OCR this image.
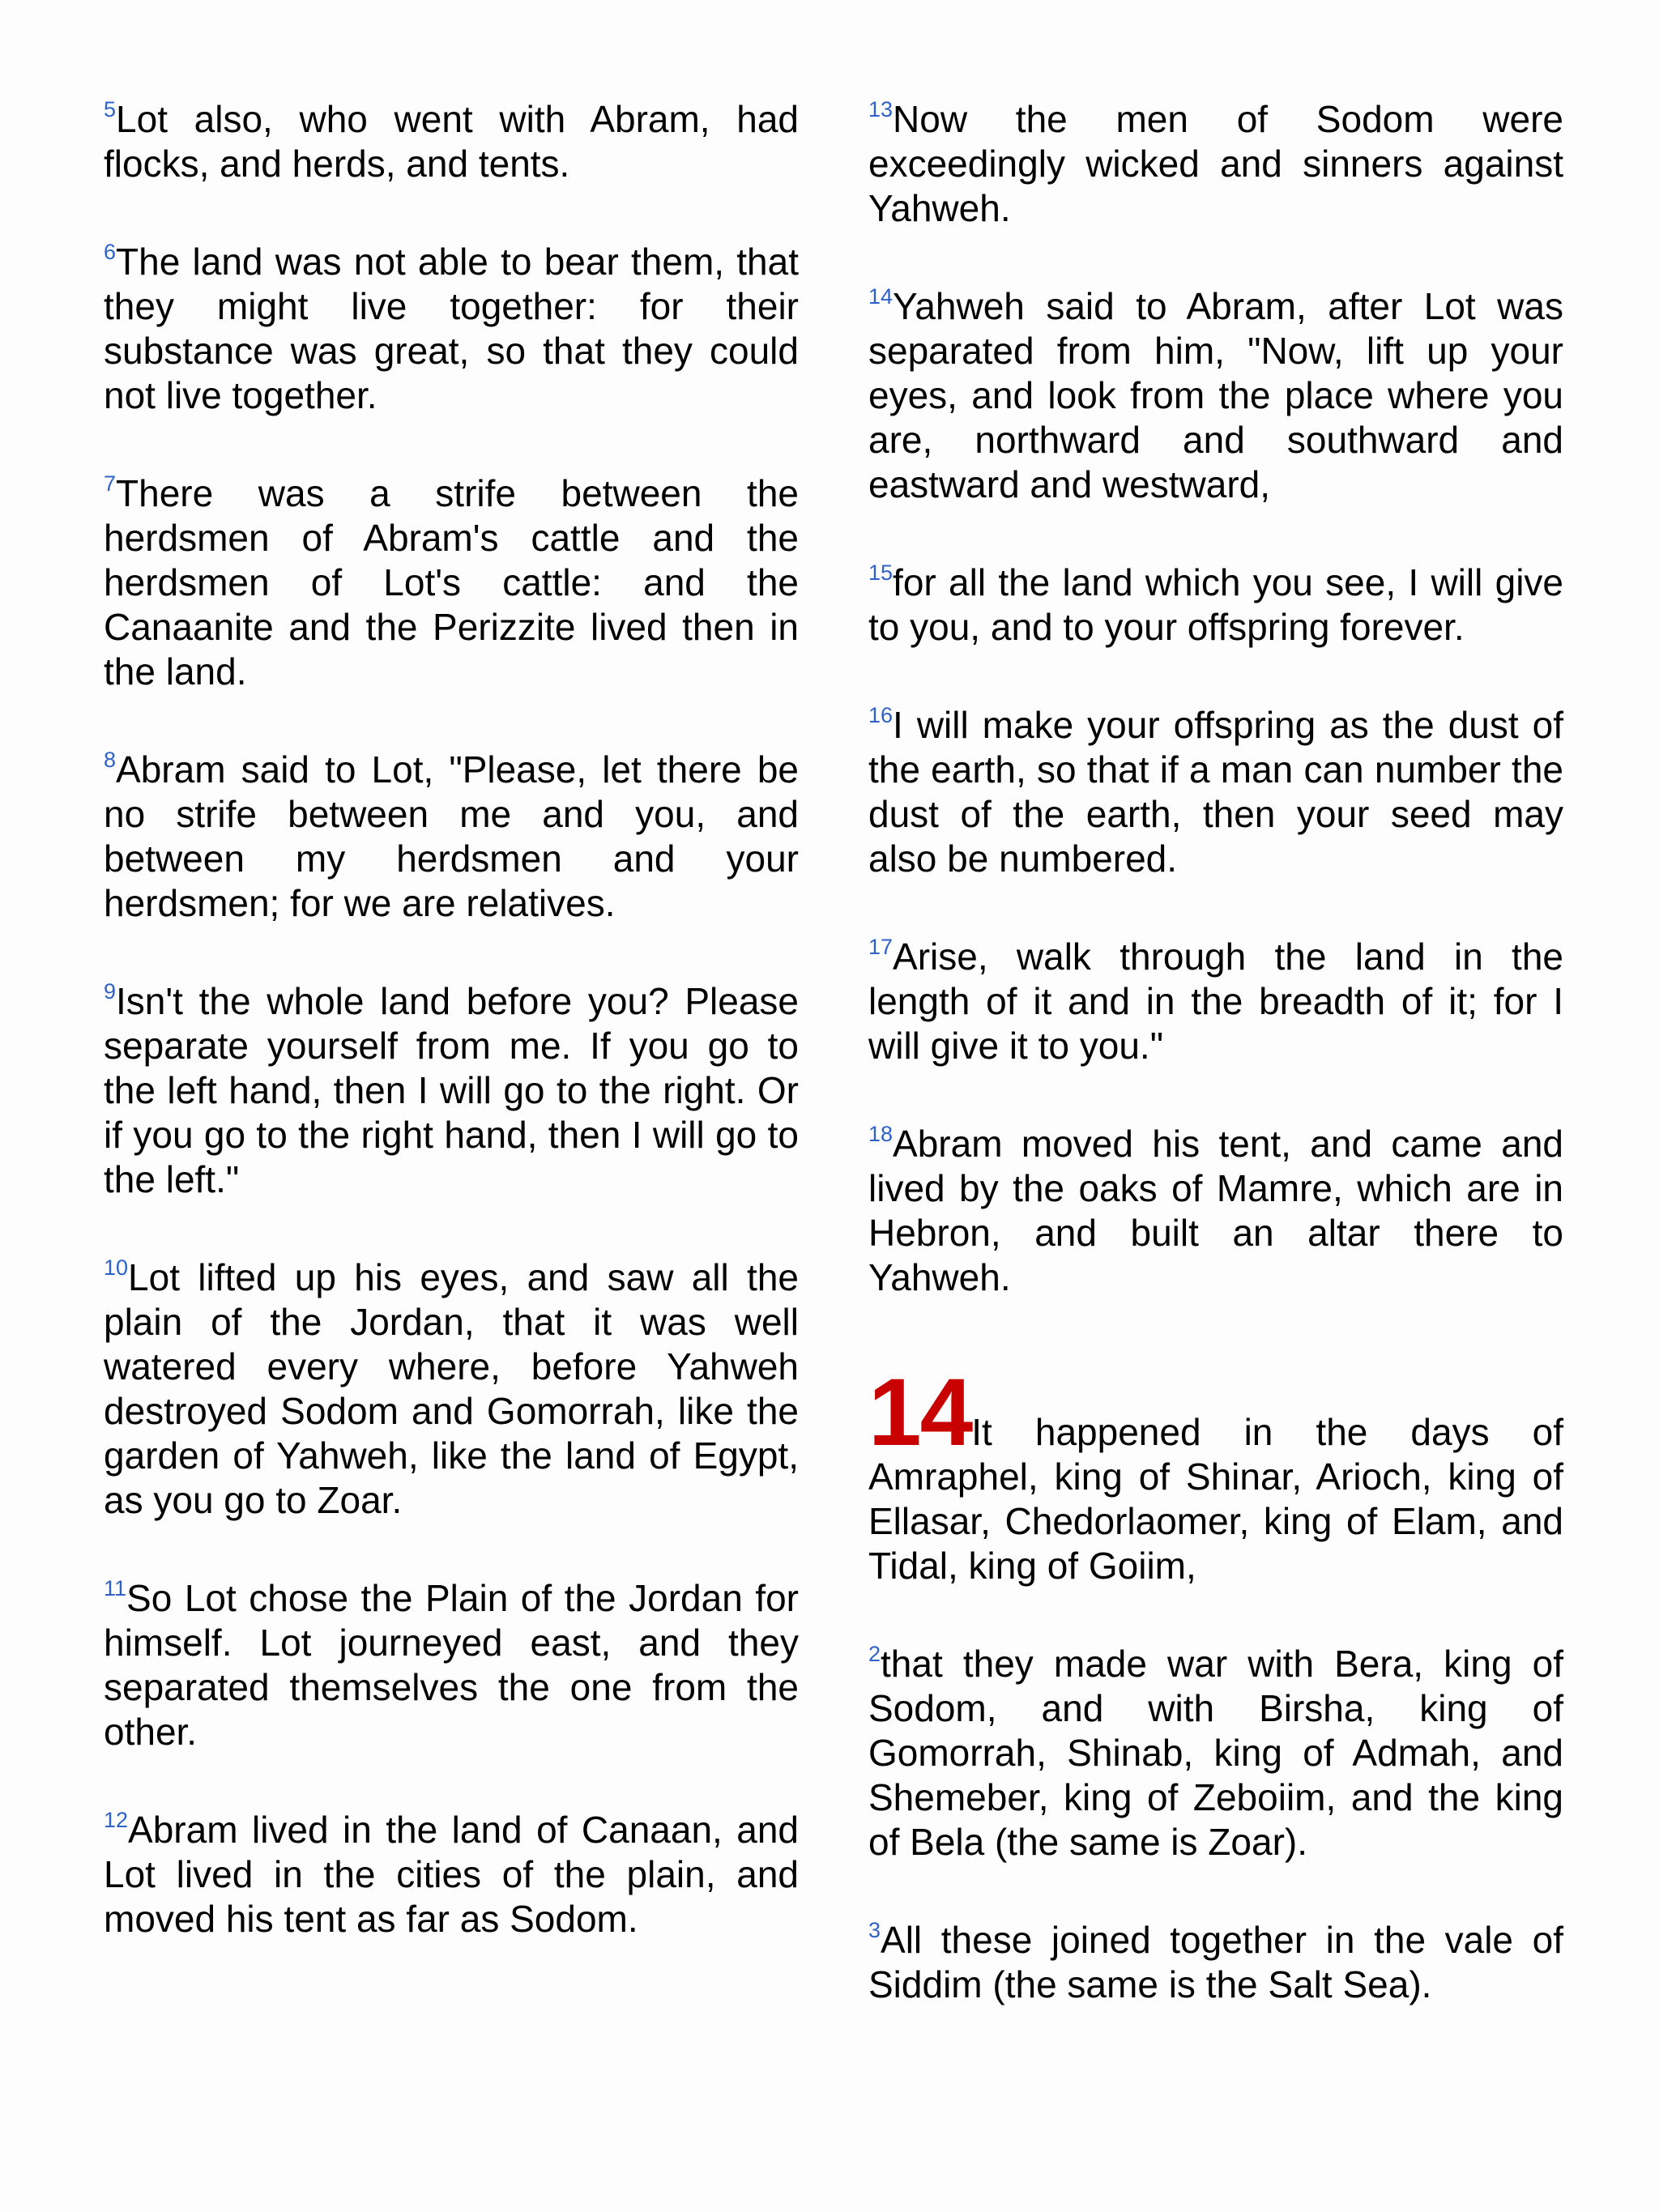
$^5$Lot also, who went with Abram, had flocks, and herds, and tents.

$^6$The land was not able to bear them, that they might live together: for their substance was great, so that they could not live together.

$^7$There was a strife between the herdsmen of Abram's cattle and the herdsmen of Lot's cattle: and the Canaanite and the Perizzite lived then in the land.

$^8$Abram said to Lot, "Please, let there be no strife between me and you, and between my herdsmen and your herdsmen; for we are relatives.

$^9$Isn't the whole land before you? Please separate yourself from me. If you go to the left hand, then I will go to the right. Or if you go to the right hand, then I will go to the left."

$^{10}$Lot lifted up his eyes, and saw all the plain of the Jordan, that it was well watered every where, before Yahweh destroyed Sodom and Gomorrah, like the garden of Yahweh, like the land of Egypt, as you go to Zoar.

$^{11}$So Lot chose the Plain of the Jordan for himself. Lot journeyed east, and they separated themselves the one from the other.

$^{12}$Abram lived in the land of Canaan, and Lot lived in the cities of the plain, and moved his tent as far as Sodom.

$^{13}$Now the men of Sodom were exceedingly wicked and sinners against Yahweh.

$^{14}$Yahweh said to Abram, after Lot was separated from him, "Now, lift up your eyes, and look from the place where you are, northward and southward and eastward and westward,

$^{15}$for all the land which you see, I will give to you, and to your offspring forever.

$^{16}$I will make your offspring as the dust of the earth, so that if a man can number the dust of the earth, then your seed may also be numbered.

$^{17}$Arise, walk through the land in the length of it and in the breadth of it; for I will give it to you."

$^{18}$Abram moved his tent, and came and lived by the oaks of Mamre, which are in Hebron, and built an altar there to Yahweh.

14It happened in the days of Amraphel, king of Shinar, Arioch, king of Ellasar, Chedorlaomer, king of Elam, and Tidal, king of Goiim,

$^2$that they made war with Bera, king of Sodom, and with Birsha, king of Gomorrah, Shinab, king of Admah, and Shemeber, king of Zeboiim, and the king of Bela (the same is Zoar).

$^3$All these joined together in the vale of Siddim (the same is the Salt Sea).
